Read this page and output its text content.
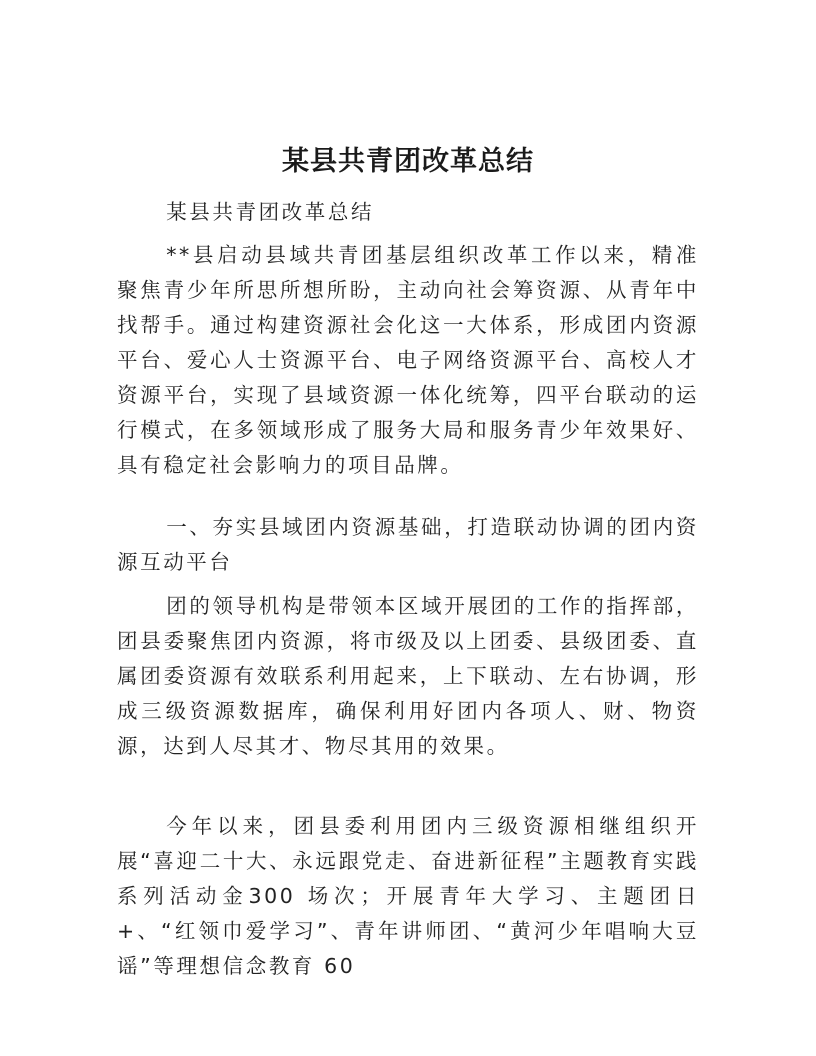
某县共青团改革总结

某县共青团改革总结

**县启动县域共青团基层组织改革工作以来，精准聚焦青少年所思所想所盼，主动向社会筹资源、从青年中找帮手。通过构建资源社会化这一大体系，形成团内资源平台、爱心人士资源平台、电子网络资源平台、高校人才资源平台，实现了县域资源一体化统筹，四平台联动的运行模式，在多领域形成了服务大局和服务青少年效果好、具有稳定社会影响力的项目品牌。

一、夯实县域团内资源基础，打造联动协调的团内资源互动平台

团的领导机构是带领本区域开展团的工作的指挥部，团县委聚焦团内资源，将市级及以上团委、县级团委、直属团委资源有效联系利用起来，上下联动、左右协调，形成三级资源数据库，确保利用好团内各项人、财、物资源，达到人尽其才、物尽其用的效果。

今年以来，团县委利用团内三级资源相继组织开展“喜迎二十大、永远跟党走、奋进新征程”主题教育实践系列活动金300 场次；开展青年大学习、主题团日+、“红领巾爱学习”、青年讲师团、“黄河少年唱响大豆谣”等理想信念教育 60
